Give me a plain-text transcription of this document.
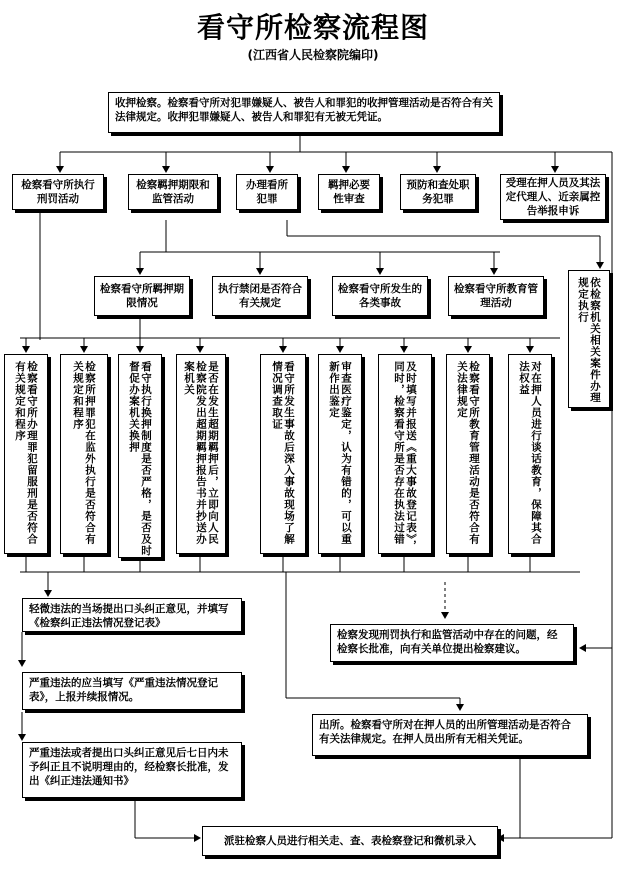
看守所检察流程图
(江西省人民检察院编印)
收押检察。检察看守所对犯罪嫌疑人、被告人和罪犯的收押管理活动是否符合有关法律规定。收押犯罪嫌疑人、被告人和罪犯有无被无凭证。
检察看守所执行刑罚活动
检察羁押期限和监管活动
办理看所犯罪
羁押必要性审查
预防和查处职务犯罪
受理在押人员及其法定代理人、近亲属控告举报申诉
检察看守所羁押期限情况
执行禁闭是否符合有关规定
检察看守所发生的各类事故
检察看守所教育管理活动	依检察机关相关案件办理规定执行
检察看守所办理罪犯留服刑是否符合有关规定和程序	检察所押罪犯在监外执行是否符合有关规定和程序	看守执行换押制度是否严格，是否及时督促办案机关换押	是否在发生超期羁押后，立即向人民检察院发出超期羁押报告书并抄送办案机关	看守所发生事故后深入事故现场了解情况调查取证	审查医疗鉴定，认为有错的，可以重新作出鉴定	及时填写并报送《重大事故登记表》，同时，检察看守所是否存在执法过错	检察看守所教育管理活动是否符合有关法律规定	对在押人员进行谈话教育，保障其合法权益
轻微违法的当场提出口头纠正意见，并填写《检察纠正违法情况登记表》
严重违法的应当填写《严重违法情况登记表》，上报并续报情况。
严重违法或者提出口头纠正意见后七日内未予纠正且不说明理由的，经检察长批准，发出《纠正违法通知书》
检察发现刑罚执行和监管活动中存在的问题，经检察长批准，向有关单位提出检察建议。
出所。检察看守所对在押人员的出所管理活动是否符合有关法律规定。在押人员出所有无相关凭证。
派驻检察人员进行相关走、查、表检察登记和微机录入
